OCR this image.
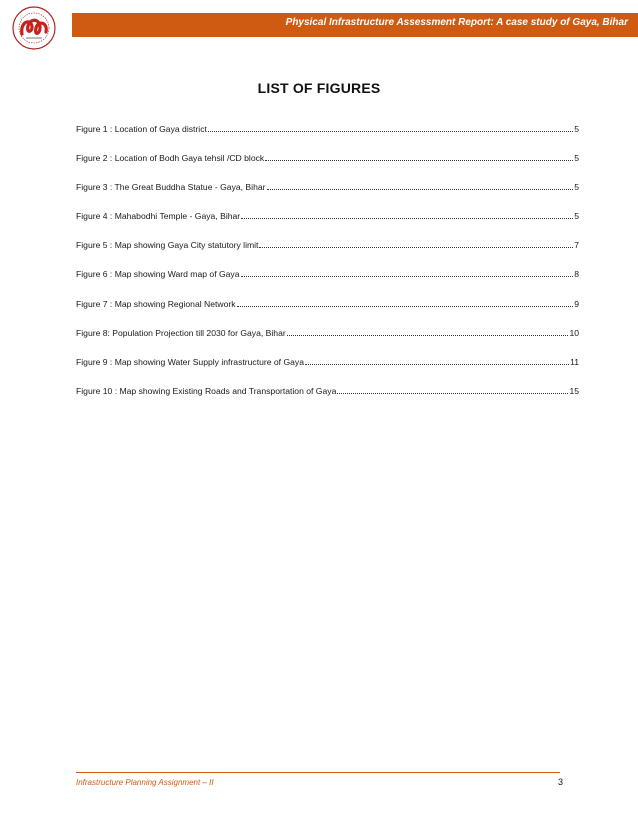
Physical Infrastructure Assessment Report: A case study of Gaya, Bihar
LIST OF FIGURES
Figure 1 : Location of Gaya district	5
Figure 2 : Location of Bodh Gaya tehsil /CD block	5
Figure 3 : The Great Buddha Statue - Gaya, Bihar	5
Figure 4 : Mahabodhi Temple - Gaya, Bihar	5
Figure 5 : Map showing Gaya City statutory limit	7
Figure 6 : Map showing Ward map of Gaya	8
Figure 7 : Map showing Regional Network	9
Figure 8: Population Projection till 2030 for Gaya, Bihar	10
Figure 9 : Map showing Water Supply infrastructure of Gaya	11
Figure 10 : Map showing Existing Roads and Transportation of Gaya	15
Infrastructure Planning Assignment – II	3
